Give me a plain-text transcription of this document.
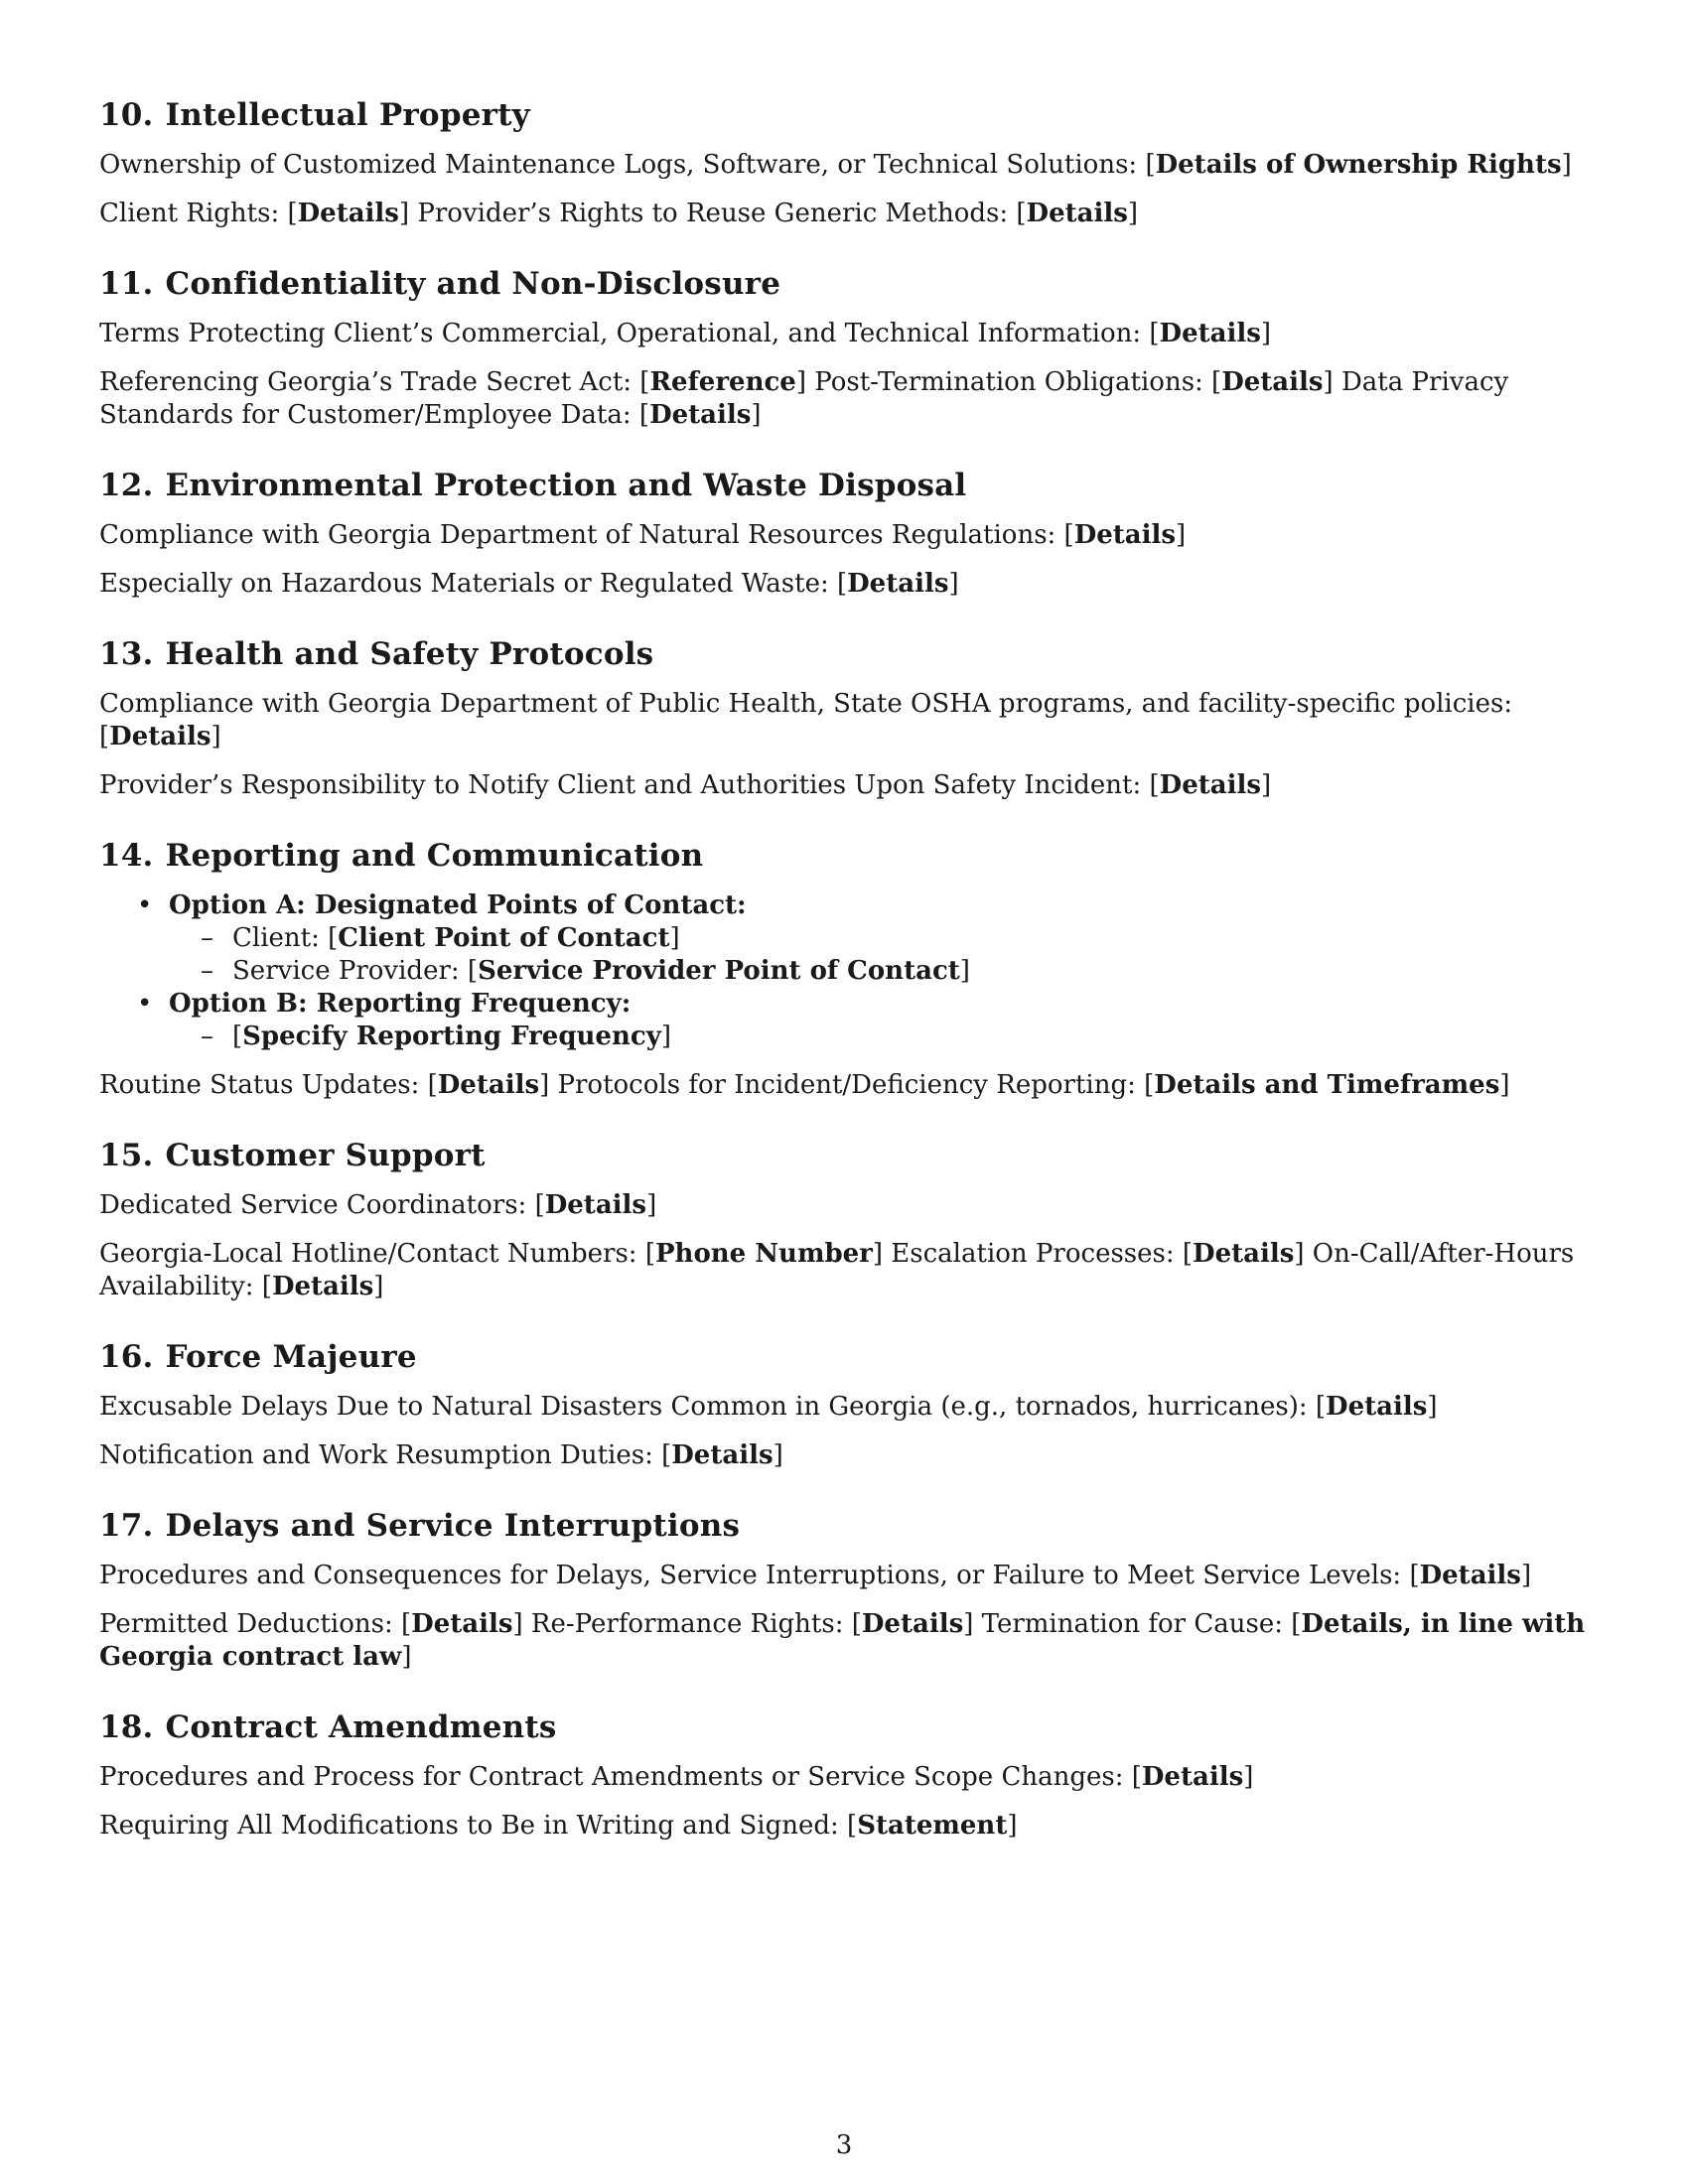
10. Intellectual Property

Ownership of Customized Maintenance Logs, Software, or Technical Solutions: [Details of Ownership Rights]

Client Rights: [Details] Provider’s Rights to Reuse Generic Methods: [Details]

11. Confidentiality and Non-Disclosure

Terms Protecting Client’s Commercial, Operational, and Technical Information: [Details]

Referencing Georgia’s Trade Secret Act: [Reference] Post-Termination Obligations: [Details] Data Privacy Standards for Customer/Employee Data: [Details]

12. Environmental Protection and Waste Disposal

Compliance with Georgia Department of Natural Resources Regulations: [Details]

Especially on Hazardous Materials or Regulated Waste: [Details]

13. Health and Safety Protocols

Compliance with Georgia Department of Public Health, State OSHA programs, and facility-specific policies: [Details]

Provider’s Responsibility to Notify Client and Authorities Upon Safety Incident: [Details]

14. Reporting and Communication
• Option A: Designated Points of Contact:
– Client: [Client Point of Contact]
– Service Provider: [Service Provider Point of Contact]
• Option B: Reporting Frequency:
– [Specify Reporting Frequency]

Routine Status Updates: [Details] Protocols for Incident/Deficiency Reporting: [Details and Timeframes]

15. Customer Support

Dedicated Service Coordinators: [Details]

Georgia-Local Hotline/Contact Numbers: [Phone Number] Escalation Processes: [Details] On-Call/After-Hours Availability: [Details]

16. Force Majeure

Excusable Delays Due to Natural Disasters Common in Georgia (e.g., tornados, hurricanes): [Details]

Notification and Work Resumption Duties: [Details]

17. Delays and Service Interruptions

Procedures and Consequences for Delays, Service Interruptions, or Failure to Meet Service Levels: [Details]

Permitted Deductions: [Details] Re-Performance Rights: [Details] Termination for Cause: [Details, in line with Georgia contract law]

18. Contract Amendments

Procedures and Process for Contract Amendments or Service Scope Changes: [Details]

Requiring All Modifications to Be in Writing and Signed: [Statement]

3
